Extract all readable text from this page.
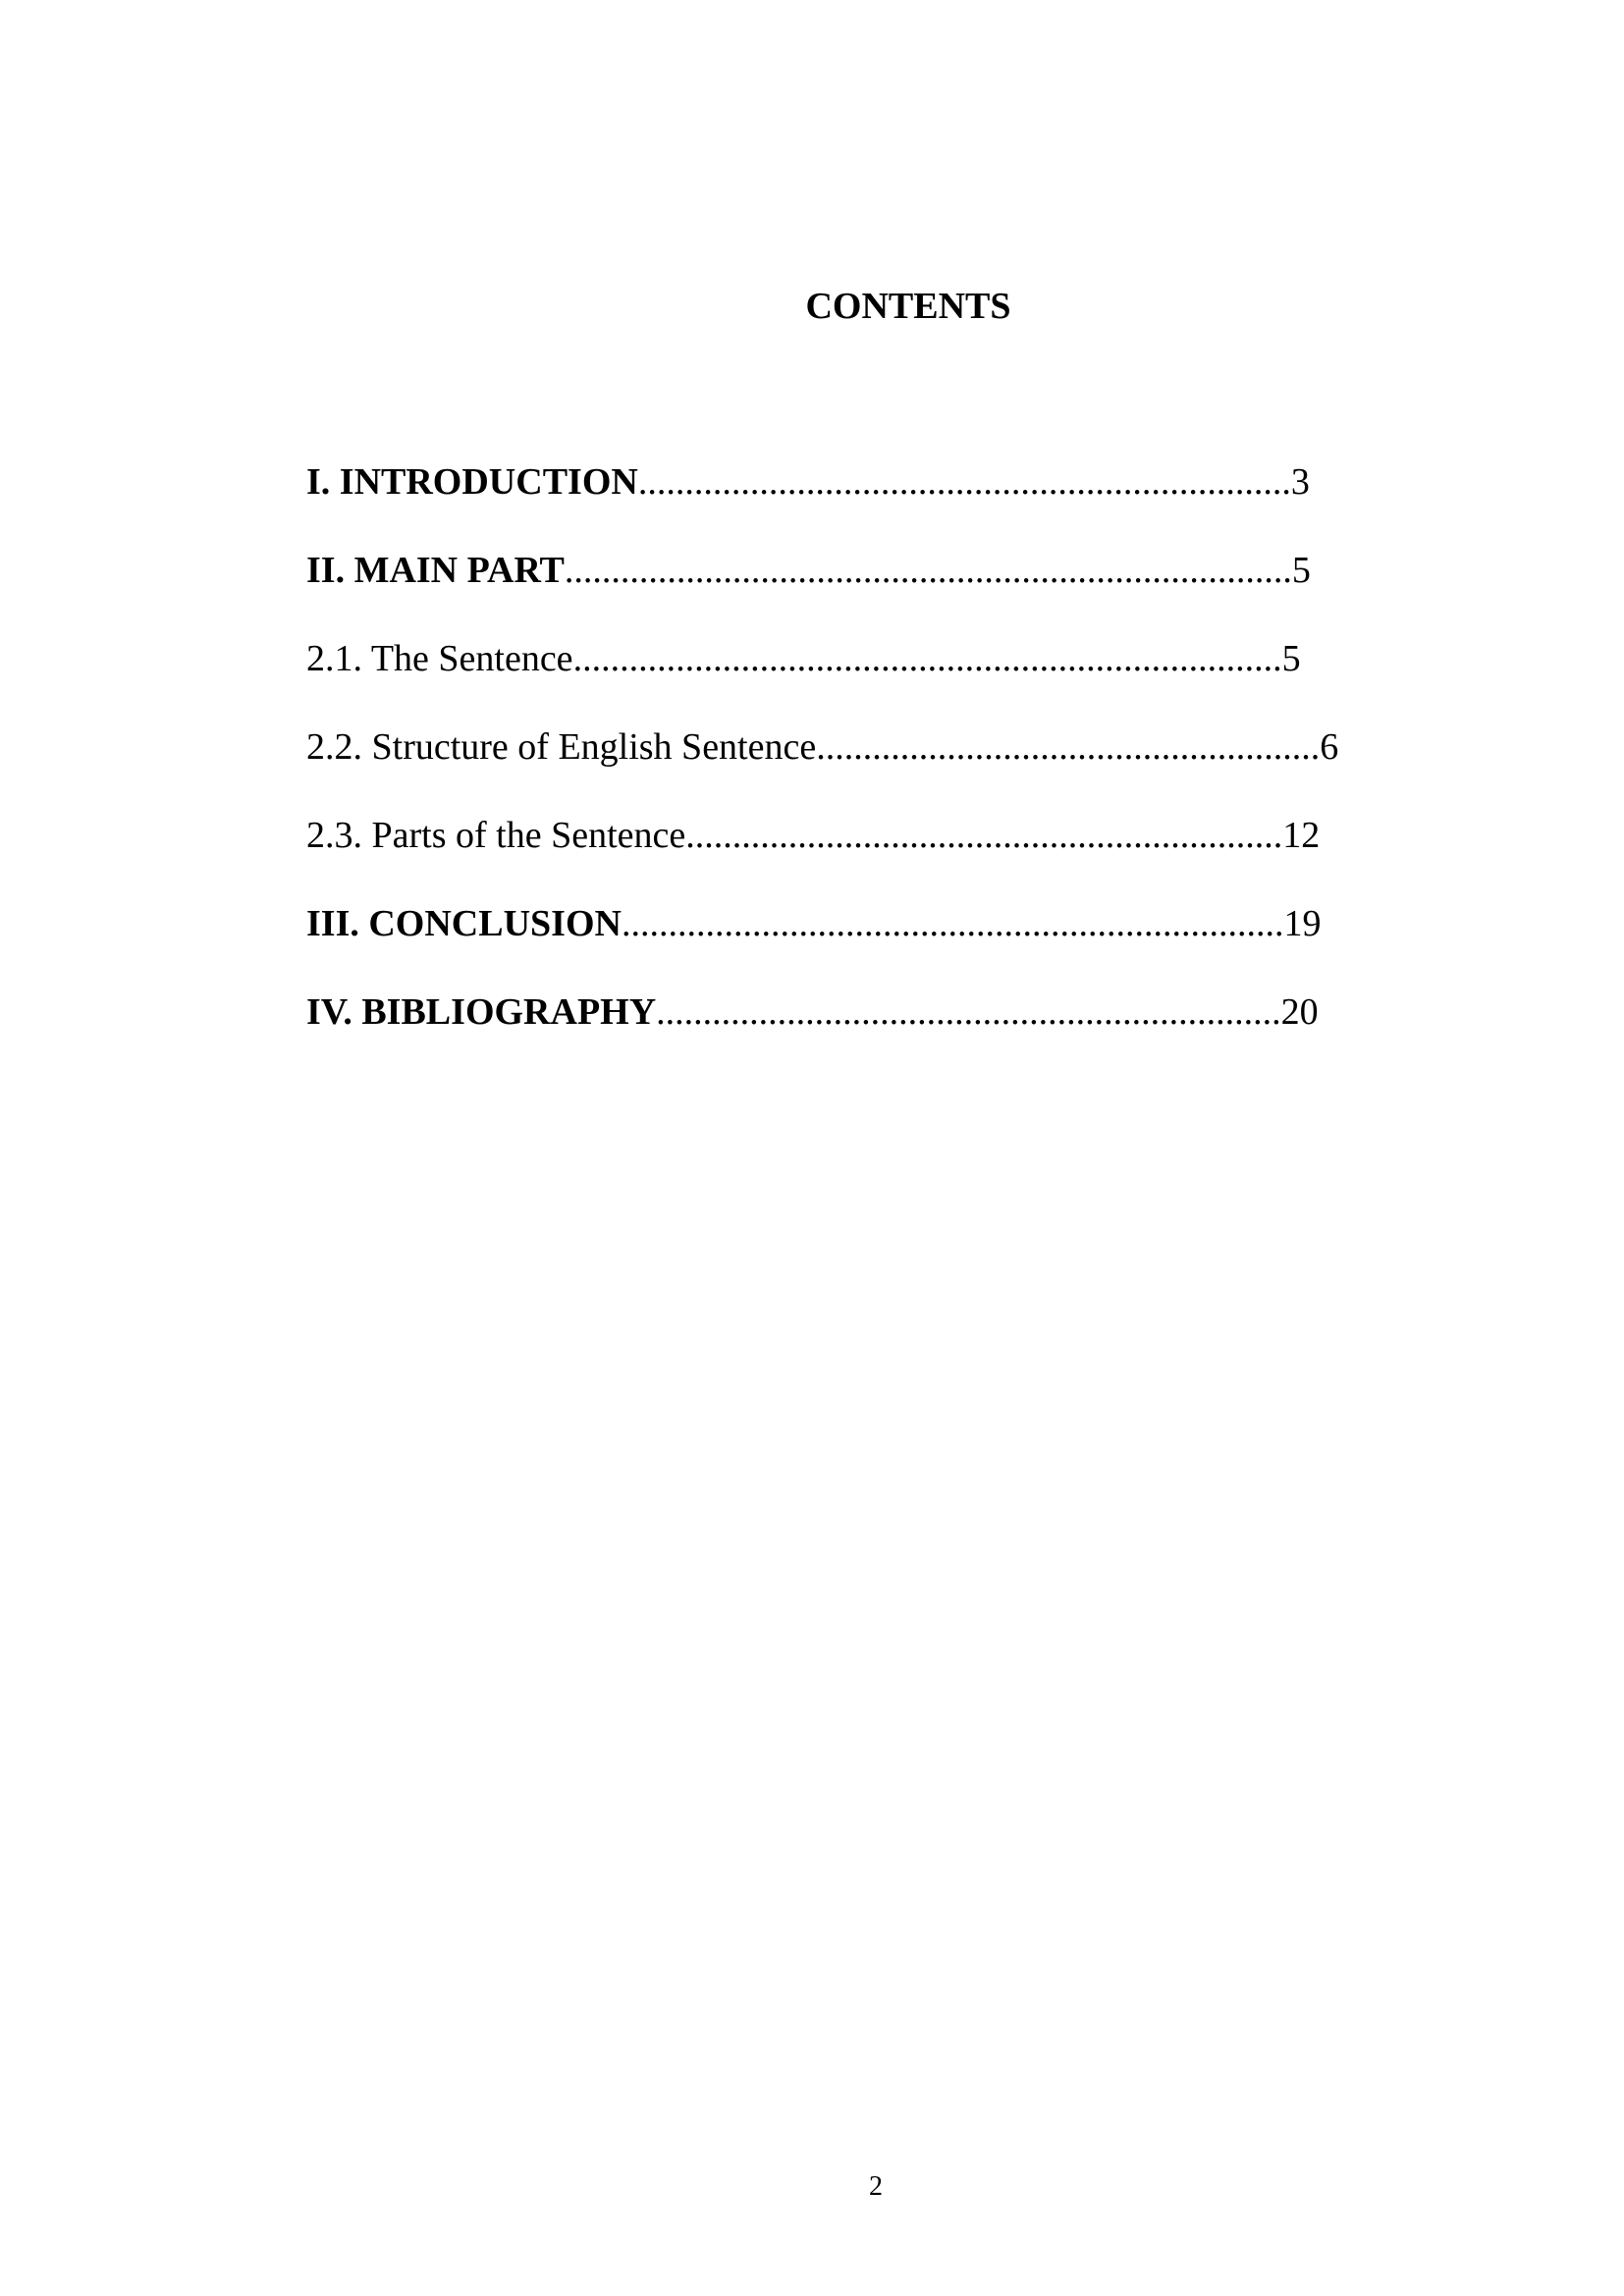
CONTENTS
I. INTRODUCTION......................................................................3
II. MAIN PART..............................................................................5
2.1. The Sentence............................................................................5
2.2. Structure of English Sentence......................................................6
2.3. Parts of the Sentence................................................................12
III. CONCLUSION.......................................................................19
IV. BIBLIOGRAPHY...................................................................20
2
